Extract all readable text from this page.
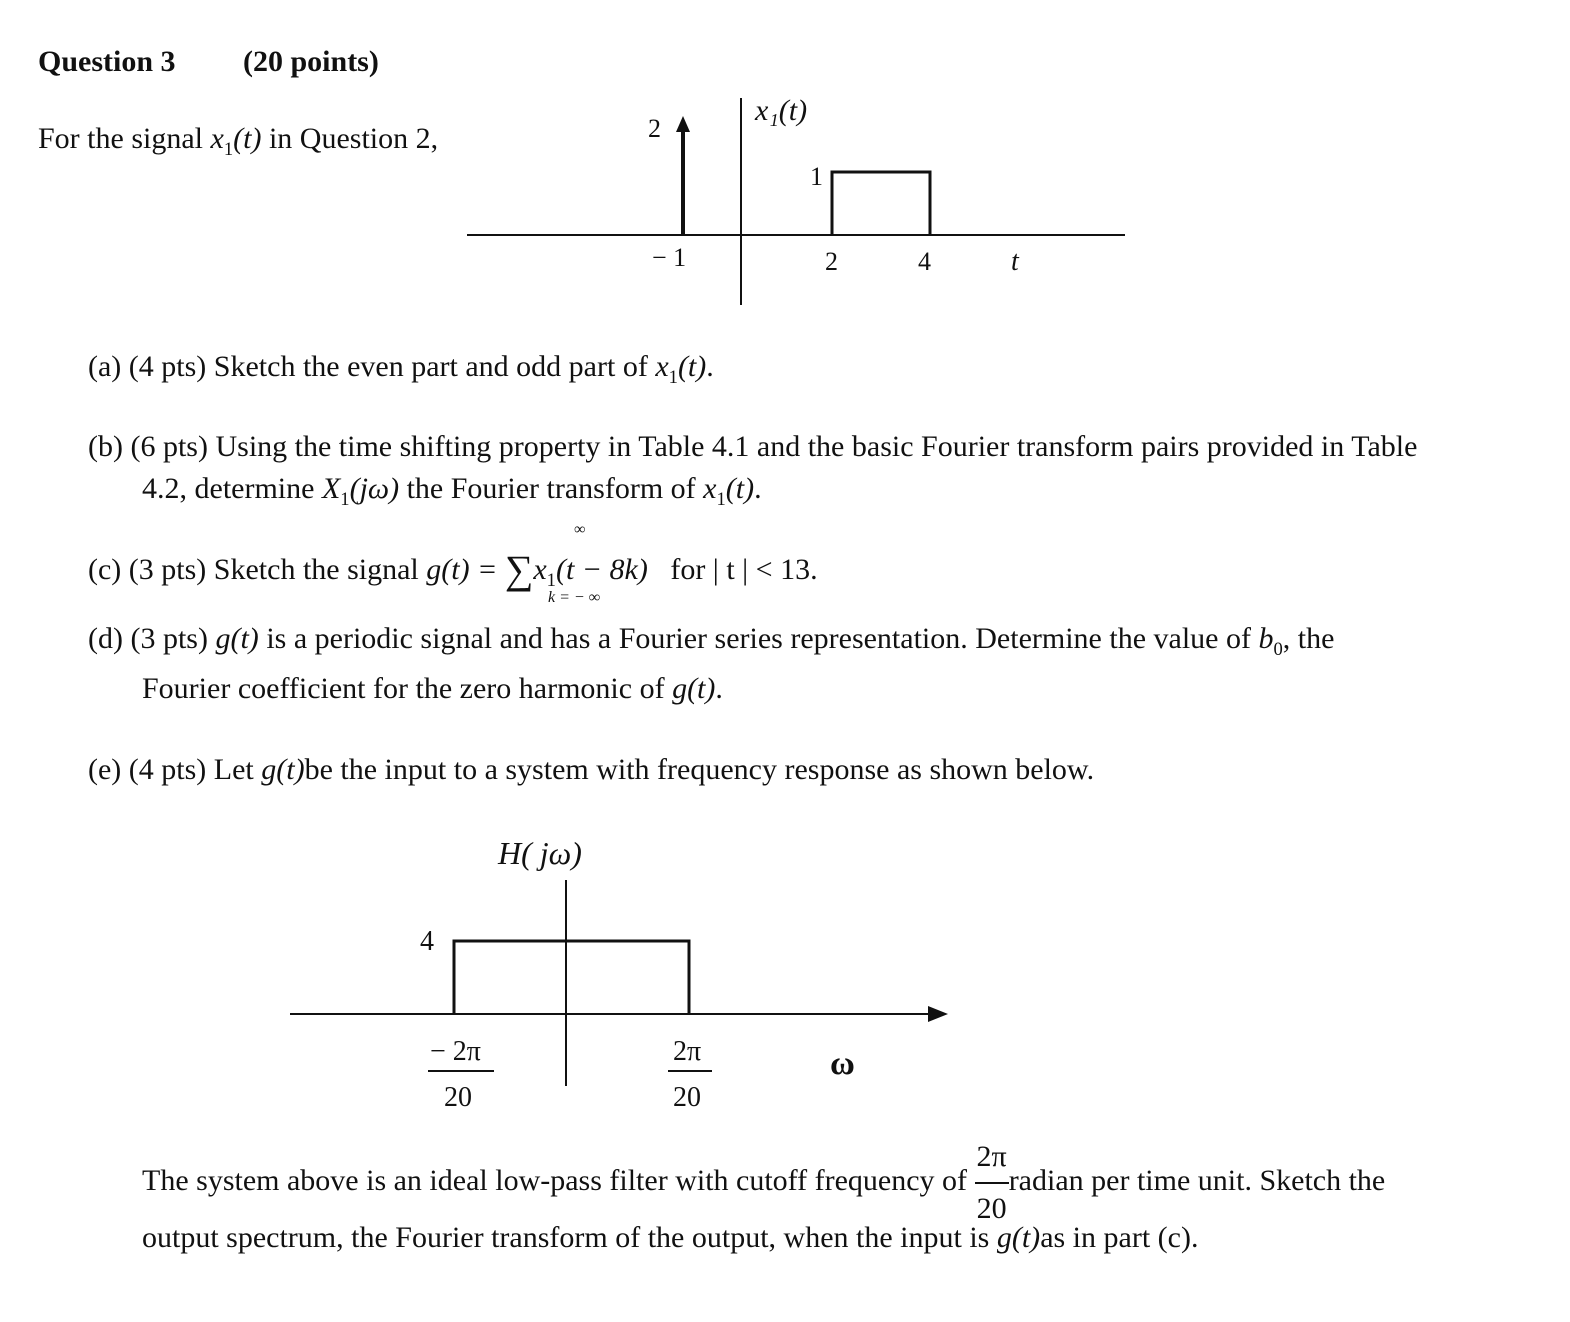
Question 3 (20 points)
For the signal $x_1(t)$ in Question 2,
x₁(t)
2
1
− 1	2	4	t
(a) (4 pts) Sketch the even part and odd part of $x_1(t)$.
(b) (6 pts) Using the time shifting property in Table 4.1 and the basic Fourier transform pairs provided in Table
4.2, determine $X_1(j\omega)$ the Fourier transform of $x_1(t)$.
(c) (3 pts) Sketch the signal $g(t) = \sum x_1(t - 8k)$ for | t | < 13.
∞
k = − ∞
(d) (3 pts) g(t) is a periodic signal and has a Fourier series representation. Determine the value of $b_0$, the
Fourier coefficient for the zero harmonic of g(t).
(e) (4 pts) Let g(t)be the input to a system with frequency response as shown below.
H( jω)
4
− 2π
20
2π
20
ω
The system above is an ideal low-pass filter with cutoff frequency of $\frac{2\pi}{20}$ radian per time unit. Sketch the
output spectrum, the Fourier transform of the output, when the input is g(t)as in part (c).
